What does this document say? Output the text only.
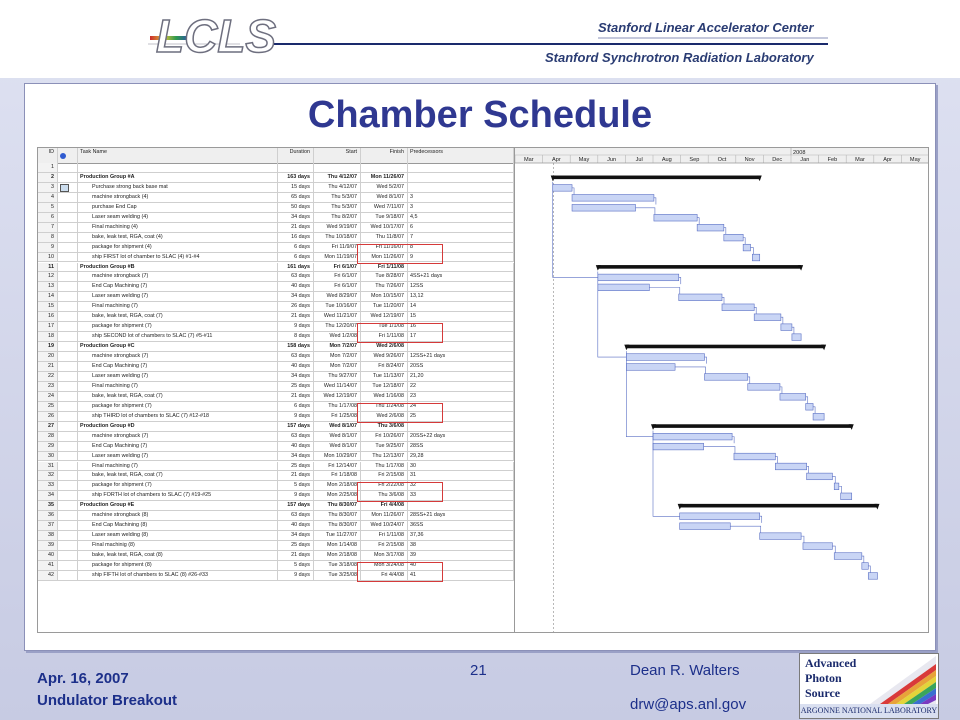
LCLS	Stanford Linear Accelerator Center
Stanford Synchrotron Radiation Laboratory
Chamber Schedule
ID	Task Name	Duration	Start	Finish	Predecessors
1
2	Production Group #A	163 days	Thu 4/12/07	Mon 11/26/07
3	Purchase strong back base mat	15 days	Thu 4/12/07	Wed 5/2/07
4	machine strongback (4)	65 days	Thu 5/3/07	Wed 8/1/07	3
5	purchase End Cap	50 days	Thu 5/3/07	Wed 7/11/07	3
6	Laser seam welding (4)	34 days	Thu 8/2/07	Tue 9/18/07	4,5
7	Final machining (4)	21 days	Wed 9/19/07	Wed 10/17/07	6
8	bake, leak test, RGA, coat (4)	16 days	Thu 10/18/07	Thu 11/8/07	7
9	package for shipment (4)	6 days	Fri 11/9/07	Fri 11/16/07	8
10	ship FIRST lot of chamber to SLAC (4) #1-#4	6 days	Mon 11/19/07	Mon 11/26/07	9
11	Production Group #B	161 days	Fri 6/1/07	Fri 1/11/08
12	machine strongback (7)	63 days	Fri 6/1/07	Tue 8/28/07	4SS+21 days
13	End Cap Machining (7)	40 days	Fri 6/1/07	Thu 7/26/07	12SS
14	Laser seam welding (7)	34 days	Wed 8/29/07	Mon 10/15/07	13,12
15	Final machining (7)	26 days	Tue 10/16/07	Tue 11/20/07	14
16	bake, leak test, RGA, coat (7)	21 days	Wed 11/21/07	Wed 12/19/07	15
17	package for shipment (7)	9 days	Thu 12/20/07	Tue 1/1/08	16
18	ship SECOND lot of chambers to SLAC (7) #5-#11	8 days	Wed 1/2/08	Fri 1/11/08	17
19	Production Group #C	158 days	Mon 7/2/07	Wed 2/6/08
20	machine strongback (7)	63 days	Mon 7/2/07	Wed 9/26/07	12SS+21 days
21	End Cap Machining (7)	40 days	Mon 7/2/07	Fri 8/24/07	20SS
22	Laser seam welding (7)	34 days	Thu 9/27/07	Tue 11/13/07	21,20
23	Final machining (7)	25 days	Wed 11/14/07	Tue 12/18/07	22
24	bake, leak test, RGA, coat (7)	21 days	Wed 12/19/07	Wed 1/16/08	23
25	package for shipment (7)	6 days	Thu 1/17/08	Thu 1/24/08	24
26	ship THIRD lot of chambers to SLAC (7) #12-#18	9 days	Fri 1/25/08	Wed 2/6/08	25
27	Production Group #D	157 days	Wed 8/1/07	Thu 3/6/08
28	machine strongback (7)	63 days	Wed 8/1/07	Fri 10/26/07	20SS+22 days
29	End Cap Machining (7)	40 days	Wed 8/1/07	Tue 9/25/07	28SS
30	Laser seam welding (7)	34 days	Mon 10/29/07	Thu 12/13/07	29,28
31	Final machining (7)	25 days	Fri 12/14/07	Thu 1/17/08	30
32	bake, leak test, RGA, coat (7)	21 days	Fri 1/18/08	Fri 2/15/08	31
33	package for shipment (7)	5 days	Mon 2/18/08	Fri 2/22/08	32
34	ship FORTH lot of chambers to SLAC (7) #19-#25	9 days	Mon 2/25/08	Thu 3/6/08	33
35	Production Group #E	157 days	Thu 8/30/07	Fri 4/4/08
36	machine strongback (8)	63 days	Thu 8/30/07	Mon 11/26/07	28SS+21 days
37	End Cap Machining (8)	40 days	Thu 8/30/07	Wed 10/24/07	36SS
38	Laser seam welding (8)	34 days	Tue 11/27/07	Fri 1/11/08	37,36
39	Final machinig (8)	25 days	Mon 1/14/08	Fri 2/15/08	38
40	bake, leak test, RGA, coat (8)	21 days	Mon 2/18/08	Mon 3/17/08	39
41	package for shipment (8)	5 days	Tue 3/18/08	Mon 3/24/08	40
42	ship FIFTH lot of chambers to SLAC (8) #26-#33	9 days	Tue 3/25/08	Fri 4/4/08	41
2008
Mar	Apr	May	Jun	Jul	Aug	Sep	Oct	Nov	Dec	Jan	Feb	Mar	Apr	May
Apr. 16, 2007
Undulator Breakout
21	Dean R. Walters
drw@aps.anl.gov
Advanced
Photon
Source
ARGONNE NATIONAL LABORATORY
